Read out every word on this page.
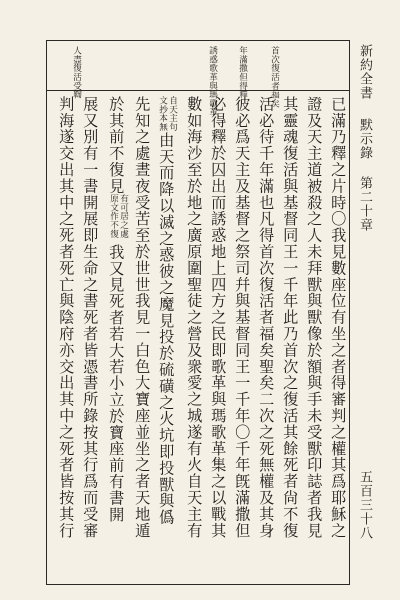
新約全書
默示錄 第二十章
五百三十八
首次復活者福矣
年滿撒但得釋
誘惑歌革與瑪歌革
人盡復活受鞫
已滿乃釋之片時〇我見數座位有坐之者得審判之權其爲耶穌之
證及天主道被殺之人未拜獸與獸像於額與手未受獸印誌者我見
其靈魂復活與基督同王一千年此乃首次之復活其餘死者尙不復
活必待千年滿也凡得首次復活者福矣聖矣二次之死無權及其身
彼必爲天主及基督之祭司幷與基督同王一千年〇千年旣滿撒但
必得釋於囚出而誘惑地上四方之民即歌革與瑪歌革集之以戰其
數如海沙至於地之廣原圍聖徒之營及衆愛之城遂有火自天主有
文抄本無 自天主句
由天而降以滅之惑彼之魔見投於硫磺之火坑即投獸與僞
先知之處晝夜受苦至於世世我見一白色大寶座並坐之者天地遁
於其前不復見
原文作不復 有可居之處
我又見死者若大若小立於寶座前有書開
展又別有一書開展即生命之書死者皆憑書所錄按其行爲而受審
判海遂交出其中之死者死亡與陰府亦交出其中之死者皆按其行
